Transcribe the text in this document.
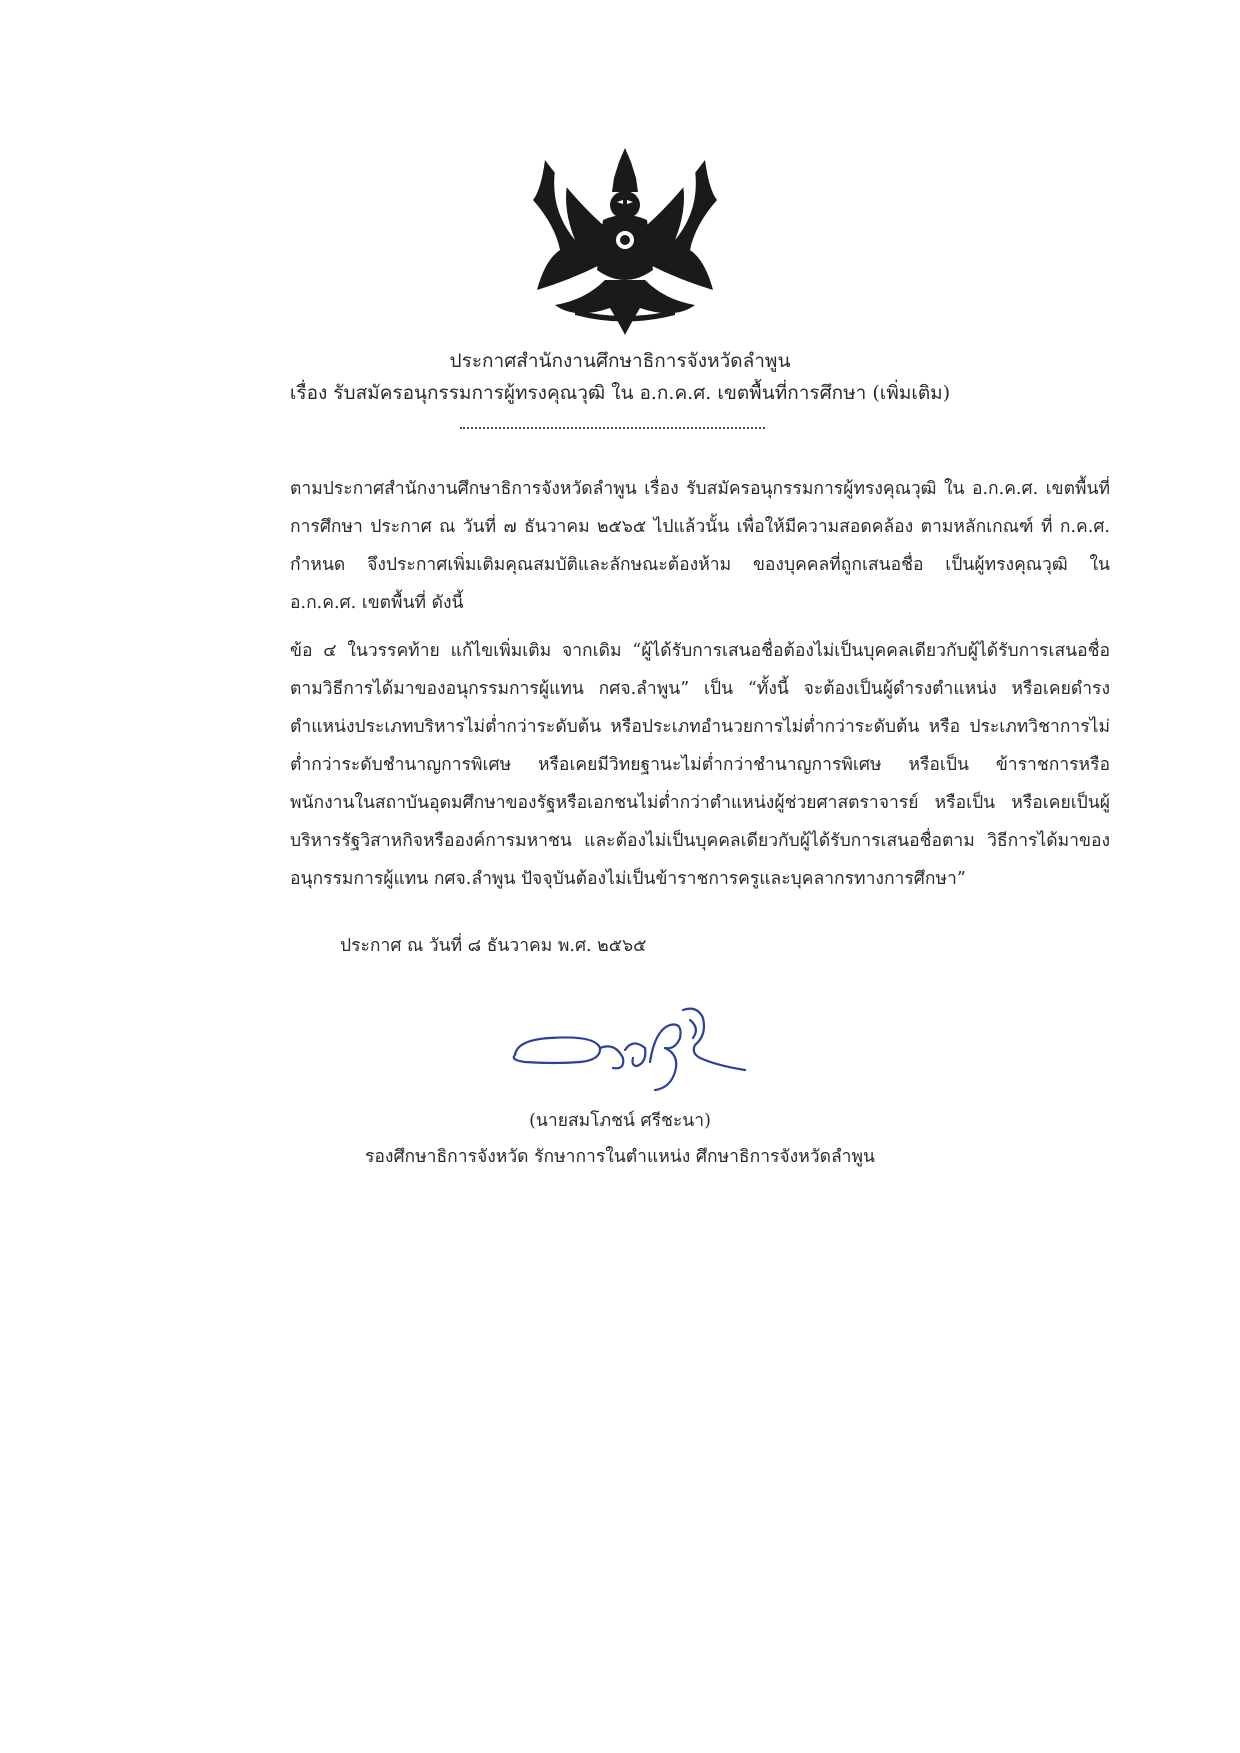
ประกาศสำนักงานศึกษาธิการจังหวัดลำพูน
เรื่อง รับสมัครอนุกรรมการผู้ทรงคุณวุฒิ ใน อ.ก.ค.ศ. เขตพื้นที่การศึกษา (เพิ่มเติม)

ตามประกาศสำนักงานศึกษาธิการจังหวัดลำพูน เรื่อง รับสมัครอนุกรรมการผู้ทรงคุณวุฒิ ใน อ.ก.ค.ศ. เขตพื้นที่การศึกษา ประกาศ ณ วันที่ ๗ ธันวาคม ๒๕๖๕ ไปแล้วนั้น เพื่อให้มีความสอดคล้อง ตามหลักเกณฑ์ ที่ ก.ค.ศ. กำหนด จึงประกาศเพิ่มเติมคุณสมบัติและลักษณะต้องห้าม ของบุคคลที่ถูกเสนอชื่อ เป็นผู้ทรงคุณวุฒิ ใน อ.ก.ค.ศ. เขตพื้นที่ ดังนี้

ข้อ ๔ ในวรรคท้าย แก้ไขเพิ่มเติม จากเดิม “ผู้ได้รับการเสนอชื่อต้องไม่เป็นบุคคลเดียวกับผู้ได้รับการเสนอชื่อตามวิธีการได้มาของอนุกรรมการผู้แทน กศจ.ลำพูน” เป็น “ทั้งนี้ จะต้องเป็นผู้ดำรงตำแหน่ง หรือเคยดำรงตำแหน่งประเภทบริหารไม่ต่ำกว่าระดับต้น หรือประเภทอำนวยการไม่ต่ำกว่าระดับต้น หรือ ประเภทวิชาการไม่ต่ำกว่าระดับชำนาญการพิเศษ หรือเคยมีวิทยฐานะไม่ต่ำกว่าชำนาญการพิเศษ หรือเป็น ข้าราชการหรือพนักงานในสถาบันอุดมศึกษาของรัฐหรือเอกชนไม่ต่ำกว่าตำแหน่งผู้ช่วยศาสตราจารย์ หรือเป็น หรือเคยเป็นผู้บริหารรัฐวิสาหกิจหรือองค์การมหาชน และต้องไม่เป็นบุคคลเดียวกับผู้ได้รับการเสนอชื่อตาม วิธีการได้มาของอนุกรรมการผู้แทน กศจ.ลำพูน ปัจจุบันต้องไม่เป็นข้าราชการครูและบุคลากรทางการศึกษา”

ประกาศ ณ วันที่ ๘ ธันวาคม พ.ศ. ๒๕๖๕
(นายสมโภชน์ ศรีชะนา)
รองศึกษาธิการจังหวัด รักษาการในตำแหน่ง ศึกษาธิการจังหวัดลำพูน
